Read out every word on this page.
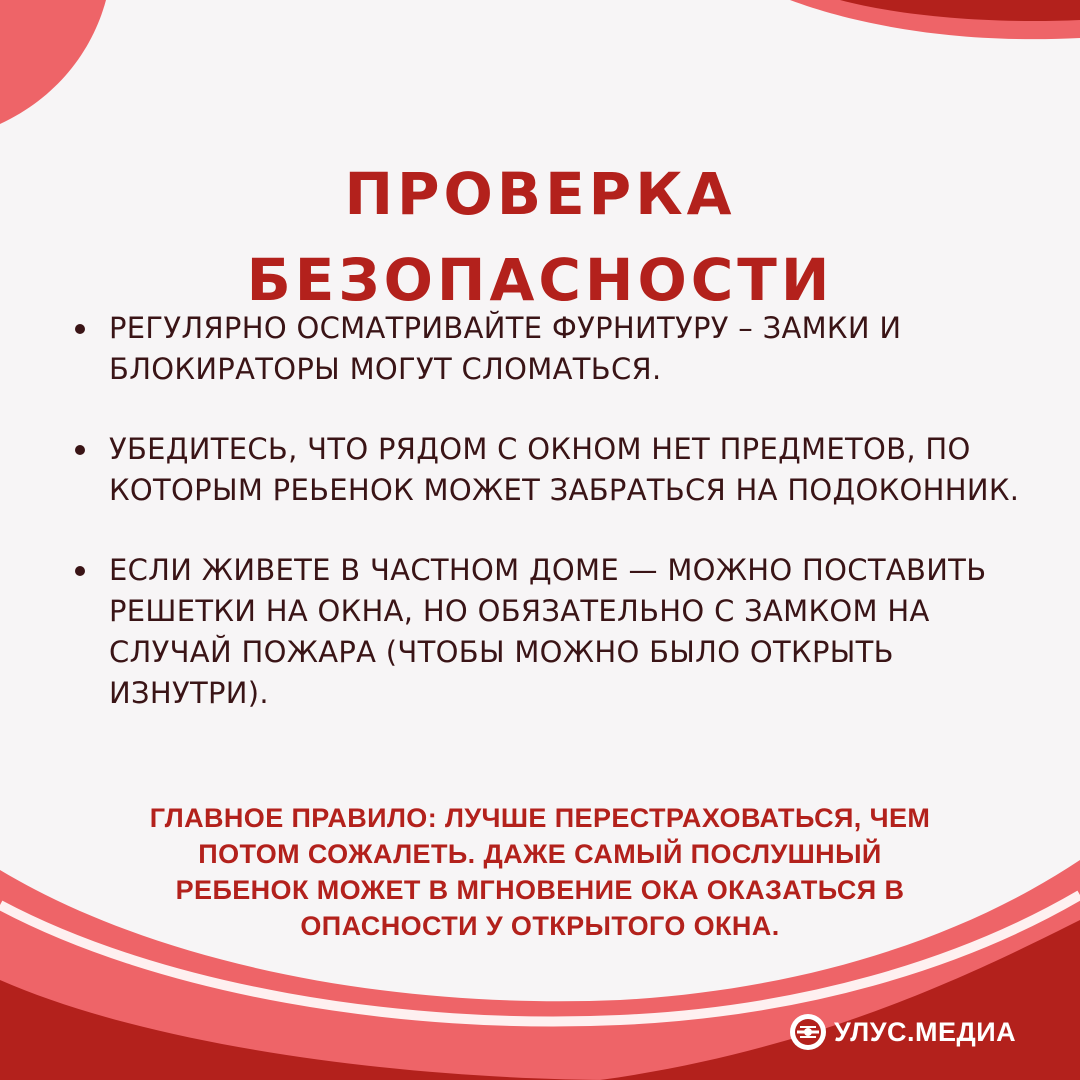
ПРОВЕРКА
БЕЗОПАСНОСТИ
РЕГУЛЯРНО ОСМАТРИВАЙТЕ ФУРНИТУРУ – ЗАМКИ И БЛОКИРАТОРЫ МОГУТ СЛОМАТЬСЯ.
УБЕДИТЕСЬ, ЧТО РЯДОМ С ОКНОМ НЕТ ПРЕДМЕТОВ, ПО КОТОРЫМ РЕЬЕНОК МОЖЕТ ЗАБРАТЬСЯ НА ПОДОКОННИК.
ЕСЛИ ЖИВЕТЕ В ЧАСТНОМ ДОМЕ — МОЖНО ПОСТАВИТЬ РЕШЕТКИ НА ОКНА, НО ОБЯЗАТЕЛЬНО С ЗАМКОМ НА СЛУЧАЙ ПОЖАРА (ЧТОБЫ МОЖНО БЫЛО ОТКРЫТЬ ИЗНУТРИ).
ГЛАВНОЕ ПРАВИЛО: ЛУЧШЕ ПЕРЕСТРАХОВАТЬСЯ, ЧЕМ
ПОТОМ СОЖАЛЕТЬ. ДАЖЕ САМЫЙ ПОСЛУШНЫЙ
РЕБЕНОК МОЖЕТ В МГНОВЕНИЕ ОКА ОКАЗАТЬСЯ В
ОПАСНОСТИ У ОТКРЫТОГО ОКНА.
УЛУС.МЕДИА
